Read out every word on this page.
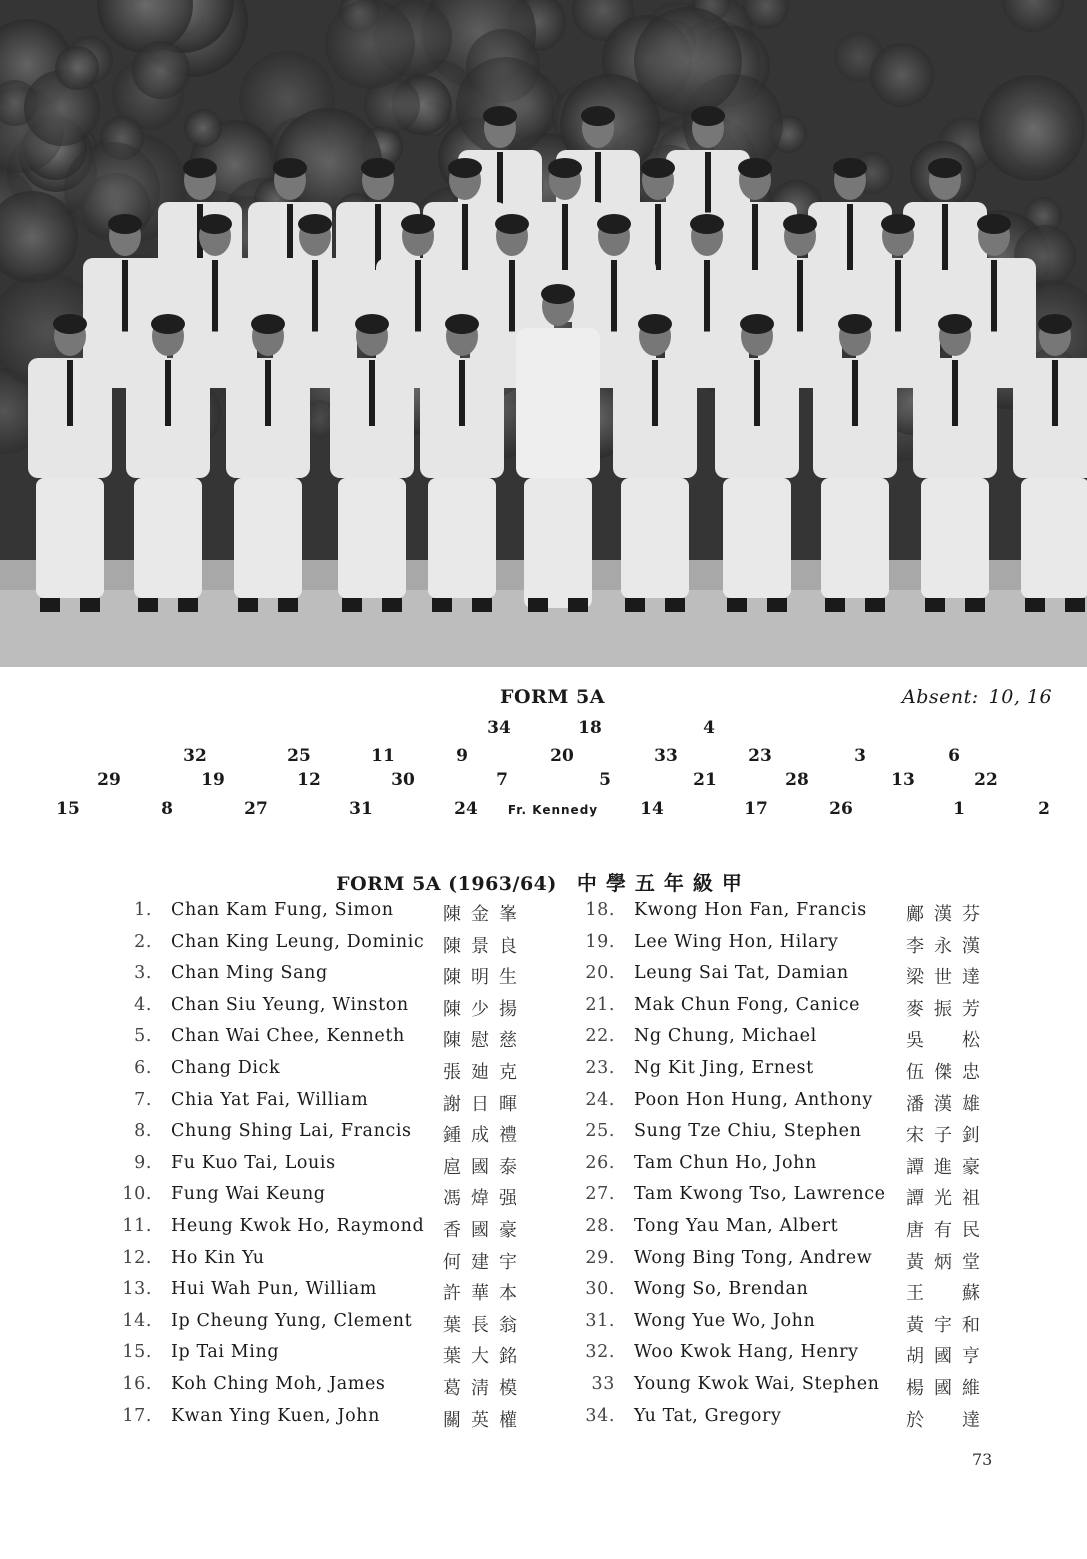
FORM 5A	Absent: 10, 16
34	18	4
32	25	11	9	20	33	23	3	6
29	19	12	30	7	5	21	28	13	22
15	8	27	31	24	Fr. Kennedy 14	17	26	1	2
FORM 5A (1963/64) 中學五年級甲
1. Chan Kam Fung, Simon	陳金峯
2. Chan King Leung, Dominic 陳景良
3. Chan Ming Sang	陳明生
4. Chan Siu Yeung, Winston 陳少揚
5. Chan Wai Chee, Kenneth 陳慰慈
6. Chang Dick	張廸克
7. Chia Yat Fai, William	謝日暉
8. Chung Shing Lai, Francis 鍾成禮
9. Fu Kuo Tai, Louis	扈國泰
10. Fung Wai Keung	馮煒强
11. Heung Kwok Ho, Raymond 香國豪
12. Ho Kin Yu	何建宇
13. Hui Wah Pun, William	許華本
14. Ip Cheung Yung, Clement 葉長翁
15. Ip Tai Ming	葉大銘
16. Koh Ching Moh, James	葛淸模
17. Kwan Ying Kuen, John	關英權
18. Kwong Hon Fan, Francis 鄺漢芬
19. Lee Wing Hon, Hilary	李永漢
20. Leung Sai Tat, Damian	梁世達
21. Mak Chun Fong, Canice	麥振芳
22. Ng Chung, Michael	吳　松
23. Ng Kit Jing, Ernest	伍傑忠
24. Poon Hon Hung, Anthony 潘漢雄
25. Sung Tze Chiu, Stephen 宋子釗
26. Tam Chun Ho, John	譚進豪
27. Tam Kwong Tso, Lawrence 譚光祖
28. Tong Yau Man, Albert	唐有民
29. Wong Bing Tong, Andrew 黃炳堂
30. Wong So, Brendan	王　蘇
31. Wong Yue Wo, John	黃宇和
32. Woo Kwok Hang, Henry	胡國亨
33 Young Kwok Wai, Stephen 楊國維
34. Yu Tat, Gregory	於　達
73
